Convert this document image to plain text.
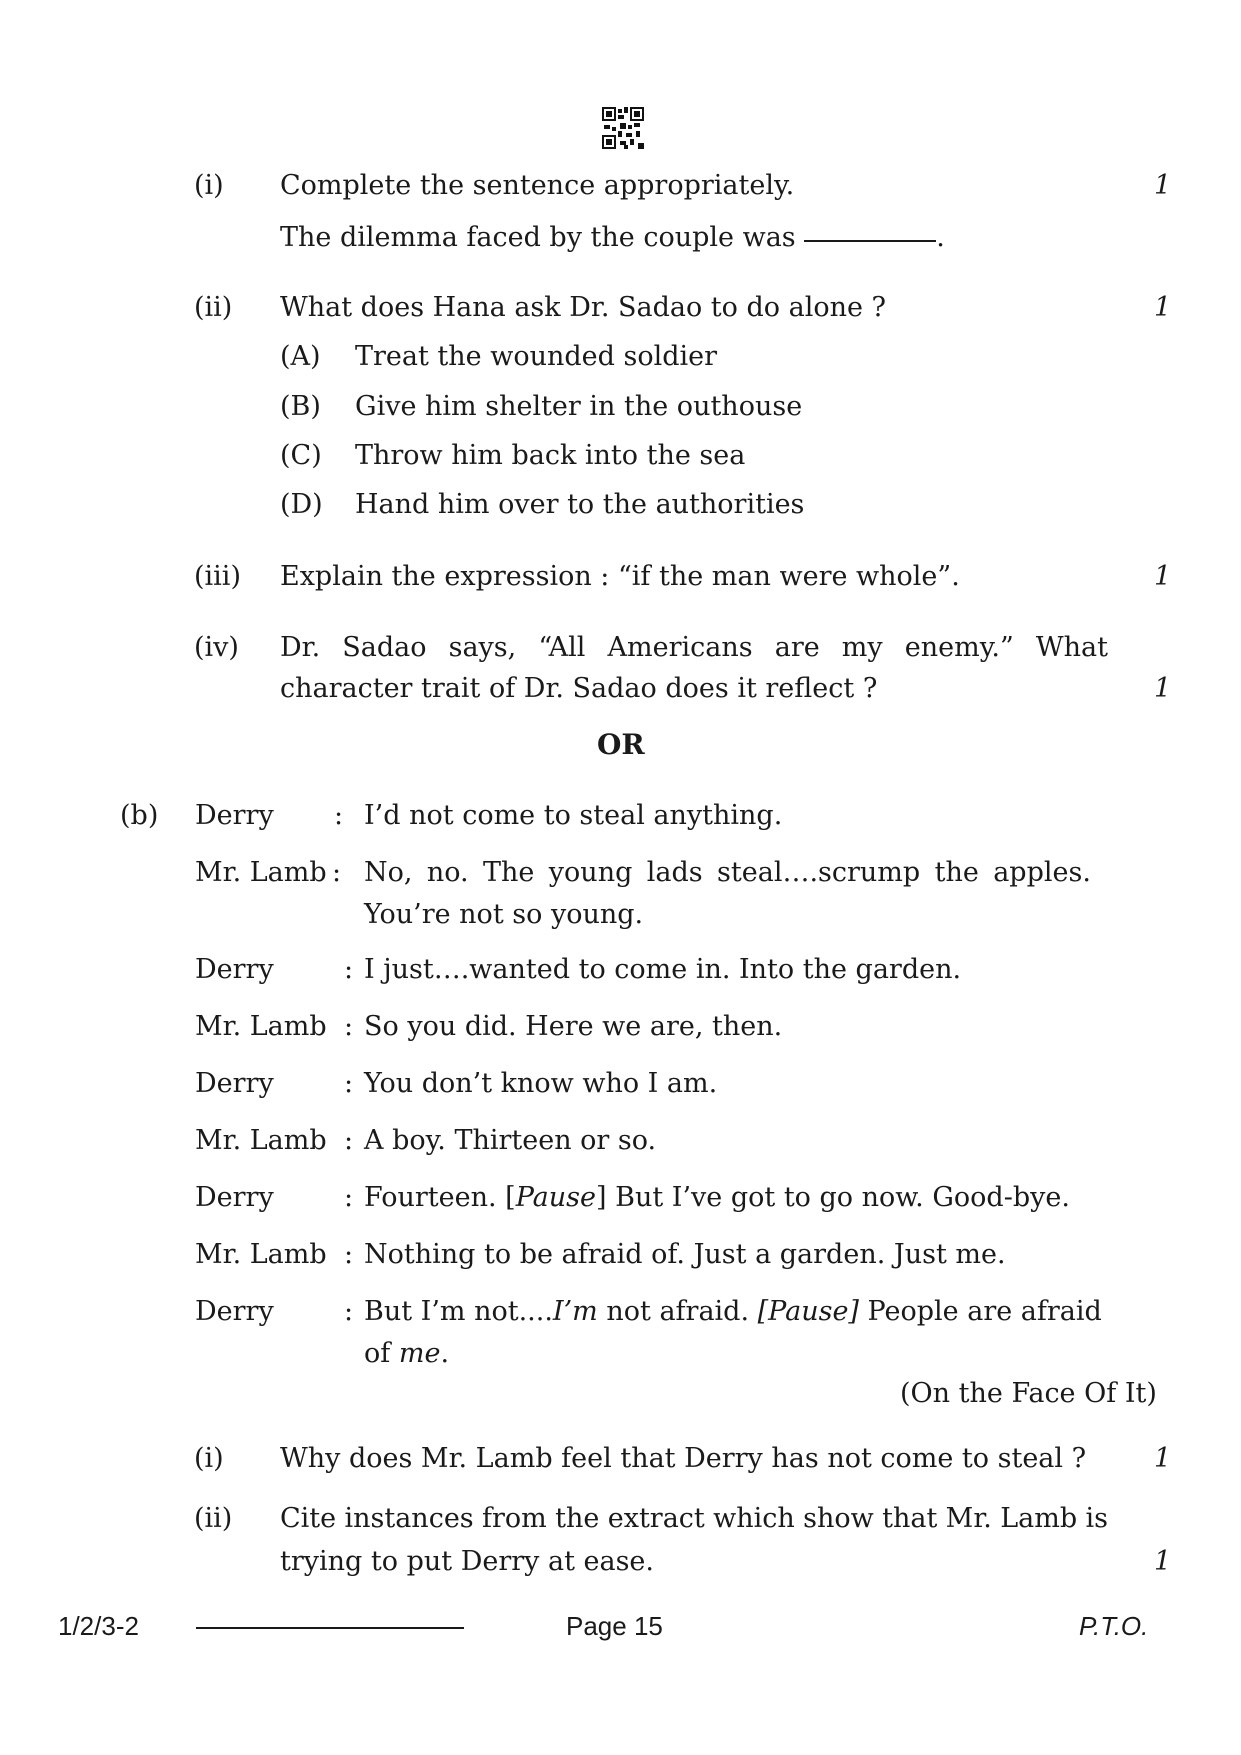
(i) Complete the sentence appropriately.	1
The dilemma faced by the couple was	.
(ii) What does Hana ask Dr. Sadao to do alone ?	1
(A) Treat the wounded soldier
(B) Give him shelter in the outhouse
(C) Throw him back into the sea
(D) Hand him over to the authorities
(iii) Explain the expression : “if the man were whole”.	1
(iv) Dr. Sadao says, “All Americans are my enemy.” What
character trait of Dr. Sadao does it reflect ?	1
OR
(b) Derry : I’d not come to steal anything.
Mr. Lamb : No, no. The young lads steal….scrump the apples.
You’re not so young.
Derry	: I just….wanted to come in. Into the garden.
Mr. Lamb : So you did. Here we are, then.
Derry	: You don’t know who I am.
Mr. Lamb : A boy. Thirteen or so.
Derry	: Fourteen. [Pause] But I’ve got to go now. Good-bye.
Mr. Lamb : Nothing to be afraid of. Just a garden. Just me.
Derry	: But I’m not.... I’m not afraid. [Pause] People are afraid
of me.
(On the Face Of It)
(i) Why does Mr. Lamb feel that Derry has not come to steal ?	1
(ii) Cite instances from the extract which show that Mr. Lamb is
trying to put Derry at ease.	1
1/2/3-2	Page 15	P.T.O.
